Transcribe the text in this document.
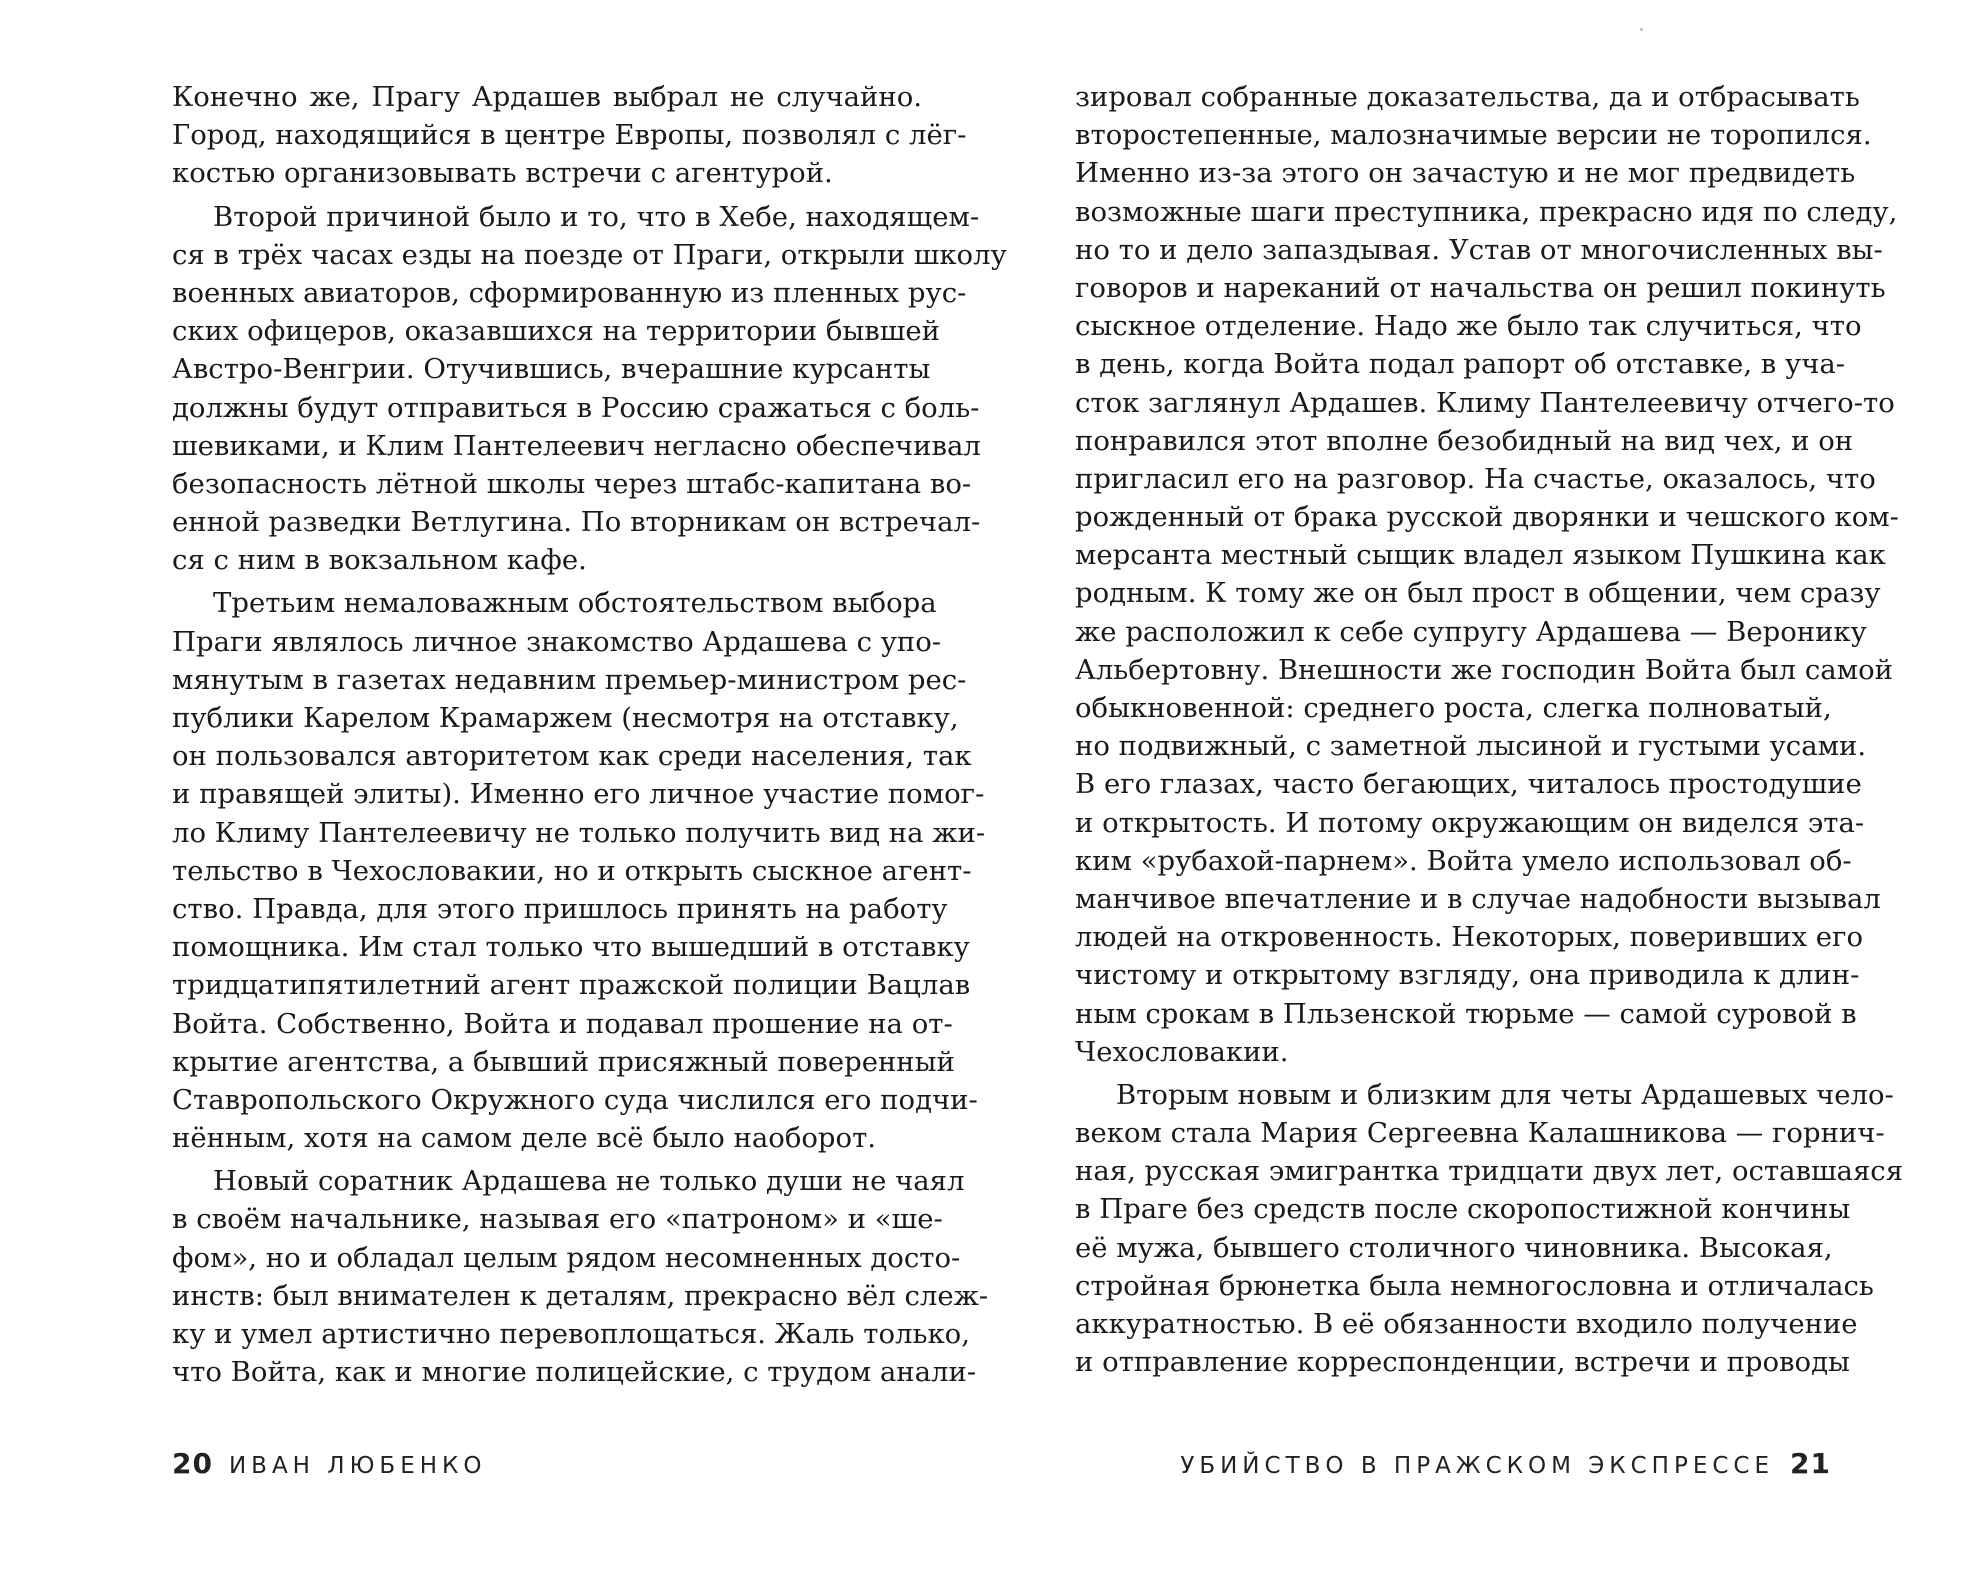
Конечно же, Прагу Ардашев выбрал не случайно.
Город, находящийся в центре Европы, позволял с лёг-
костью организовывать встречи с агентурой.
Второй причиной было и то, что в Хебе, находящем-
ся в трёх часах езды на поезде от Праги, открыли школу
военных авиаторов, сформированную из пленных рус-
ских офицеров, оказавшихся на территории бывшей
Австро-Венгрии. Отучившись, вчерашние курсанты
должны будут отправиться в Россию сражаться с боль-
шевиками, и Клим Пантелеевич негласно обеспечивал
безопасность лётной школы через штабс-капитана во-
енной разведки Ветлугина. По вторникам он встречал-
ся с ним в вокзальном кафе.
Третьим немаловажным обстоятельством выбора
Праги являлось личное знакомство Ардашева с упо-
мянутым в газетах недавним премьер-министром рес-
публики Карелом Крамаржем (несмотря на отставку,
он пользовался авторитетом как среди населения, так
и правящей элиты). Именно его личное участие помог-
ло Климу Пантелеевичу не только получить вид на жи-
тельство в Чехословакии, но и открыть сыскное агент-
ство. Правда, для этого пришлось принять на работу
помощника. Им стал только что вышедший в отставку
тридцатипятилетний агент пражской полиции Вацлав
Войта. Собственно, Войта и подавал прошение на от-
крытие агентства, а бывший присяжный поверенный
Ставропольского Окружного суда числился его подчи-
нённым, хотя на самом деле всё было наоборот.
Новый соратник Ардашева не только души не чаял
в своём начальнике, называя его «патроном» и «ше-
фом», но и обладал целым рядом несомненных досто-
инств: был внимателен к деталям, прекрасно вёл слеж-
ку и умел артистично перевоплощаться. Жаль только,
что Войта, как и многие полицейские, с трудом анали-
зировал собранные доказательства, да и отбрасывать
второстепенные, малозначимые версии не торопился.
Именно из-за этого он зачастую и не мог предвидеть
возможные шаги преступника, прекрасно идя по следу,
но то и дело запаздывая. Устав от многочисленных вы-
говоров и нареканий от начальства он решил покинуть
сыскное отделение. Надо же было так случиться, что
в день, когда Войта подал рапорт об отставке, в уча-
сток заглянул Ардашев. Климу Пантелеевичу отчего-то
понравился этот вполне безобидный на вид чех, и он
пригласил его на разговор. На счастье, оказалось, что
рожденный от брака русской дворянки и чешского ком-
мерсанта местный сыщик владел языком Пушкина как
родным. К тому же он был прост в общении, чем сразу
же расположил к себе супругу Ардашева — Веронику
Альбертовну. Внешности же господин Войта был самой
обыкновенной: среднего роста, слегка полноватый,
но подвижный, с заметной лысиной и густыми усами.
В его глазах, часто бегающих, читалось простодушие
и открытость. И потому окружающим он виделся эта-
ким «рубахой-парнем». Войта умело использовал об-
манчивое впечатление и в случае надобности вызывал
людей на откровенность. Некоторых, поверивших его
чистому и открытому взгляду, она приводила к длин-
ным срокам в Пльзенской тюрьме — самой суровой в
Чехословакии.
Вторым новым и близким для четы Ардашевых чело-
веком стала Мария Сергеевна Калашникова — горнич-
ная, русская эмигрантка тридцати двух лет, оставшаяся
в Праге без средств после скоропостижной кончины
её мужа, бывшего столичного чиновника. Высокая,
стройная брюнетка была немногословна и отличалась
аккуратностью. В её обязанности входило получение
и отправление корреспонденции, встречи и проводы
20 ИВАН ЛЮБЕНКО	УБИЙСТВО В ПРАЖСКОМ ЭКСПРЕССЕ 21
